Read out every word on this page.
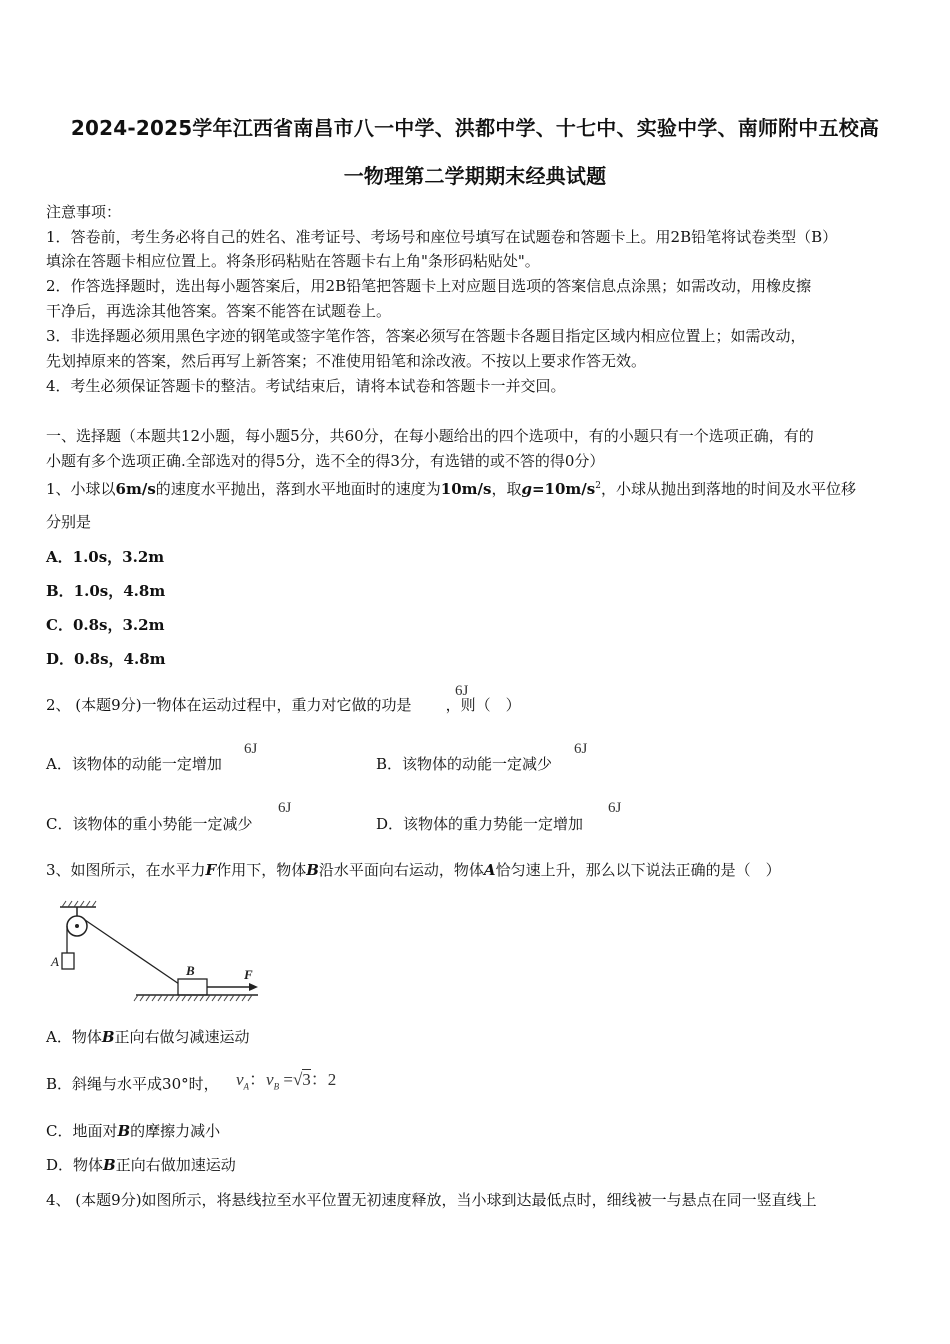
2024-2025学年江西省南昌市八一中学、洪都中学、十七中、实验中学、南师附中五校高
一物理第二学期期末经典试题
注意事项：
1．答卷前，考生务必将自己的姓名、准考证号、考场号和座位号填写在试题卷和答题卡上。用2B铅笔将试卷类型（B）
填涂在答题卡相应位置上。将条形码粘贴在答题卡右上角"条形码粘贴处"。
2．作答选择题时，选出每小题答案后，用2B铅笔把答题卡上对应题目选项的答案信息点涂黑；如需改动，用橡皮擦
干净后，再选涂其他答案。答案不能答在试题卷上。
3．非选择题必须用黑色字迹的钢笔或签字笔作答，答案必须写在答题卡各题目指定区域内相应位置上；如需改动，
先划掉原来的答案，然后再写上新答案；不准使用铅笔和涂改液。不按以上要求作答无效。
4．考生必须保证答题卡的整洁。考试结束后，请将本试卷和答题卡一并交回。
一、选择题（本题共12小题，每小题5分，共60分，在每小题给出的四个选项中，有的小题只有一个选项正确，有的
小题有多个选项正确.全部选对的得5分，选不全的得3分，有选错的或不答的得0分）
1、小球以6m/s的速度水平抛出，落到水平地面时的速度为10m/s，取$g=10m/s^2$，小球从抛出到落地的时间及水平位移
分别是
A．1.0s，3.2m
B．1.0s，4.8m
C．0.8s，3.2m
D．0.8s，4.8m
2、 (本题9分)一物体在运动过程中，重力对它做的功是 ，则（　）
6J
A．该物体的动能一定增加
6J
B．该物体的动能一定减少
6J
C．该物体的重小势能一定减少
6J
D．该物体的重力势能一定增加
6J
3、如图所示，在水平力F作用下，物体B沿水平面向右运动，物体A恰匀速上升，那么以下说法正确的是（　）
A
B	F
A．物体B正向右做匀减速运动
B．斜绳与水平成30°时， $v_A$：$v_B =√3$：2
C．地面对B的摩擦力减小
D．物体B正向右做加速运动
4、 (本题9分)如图所示，将悬线拉至水平位置无初速度释放，当小球到达最低点时，细线被一与悬点在同一竖直线上
